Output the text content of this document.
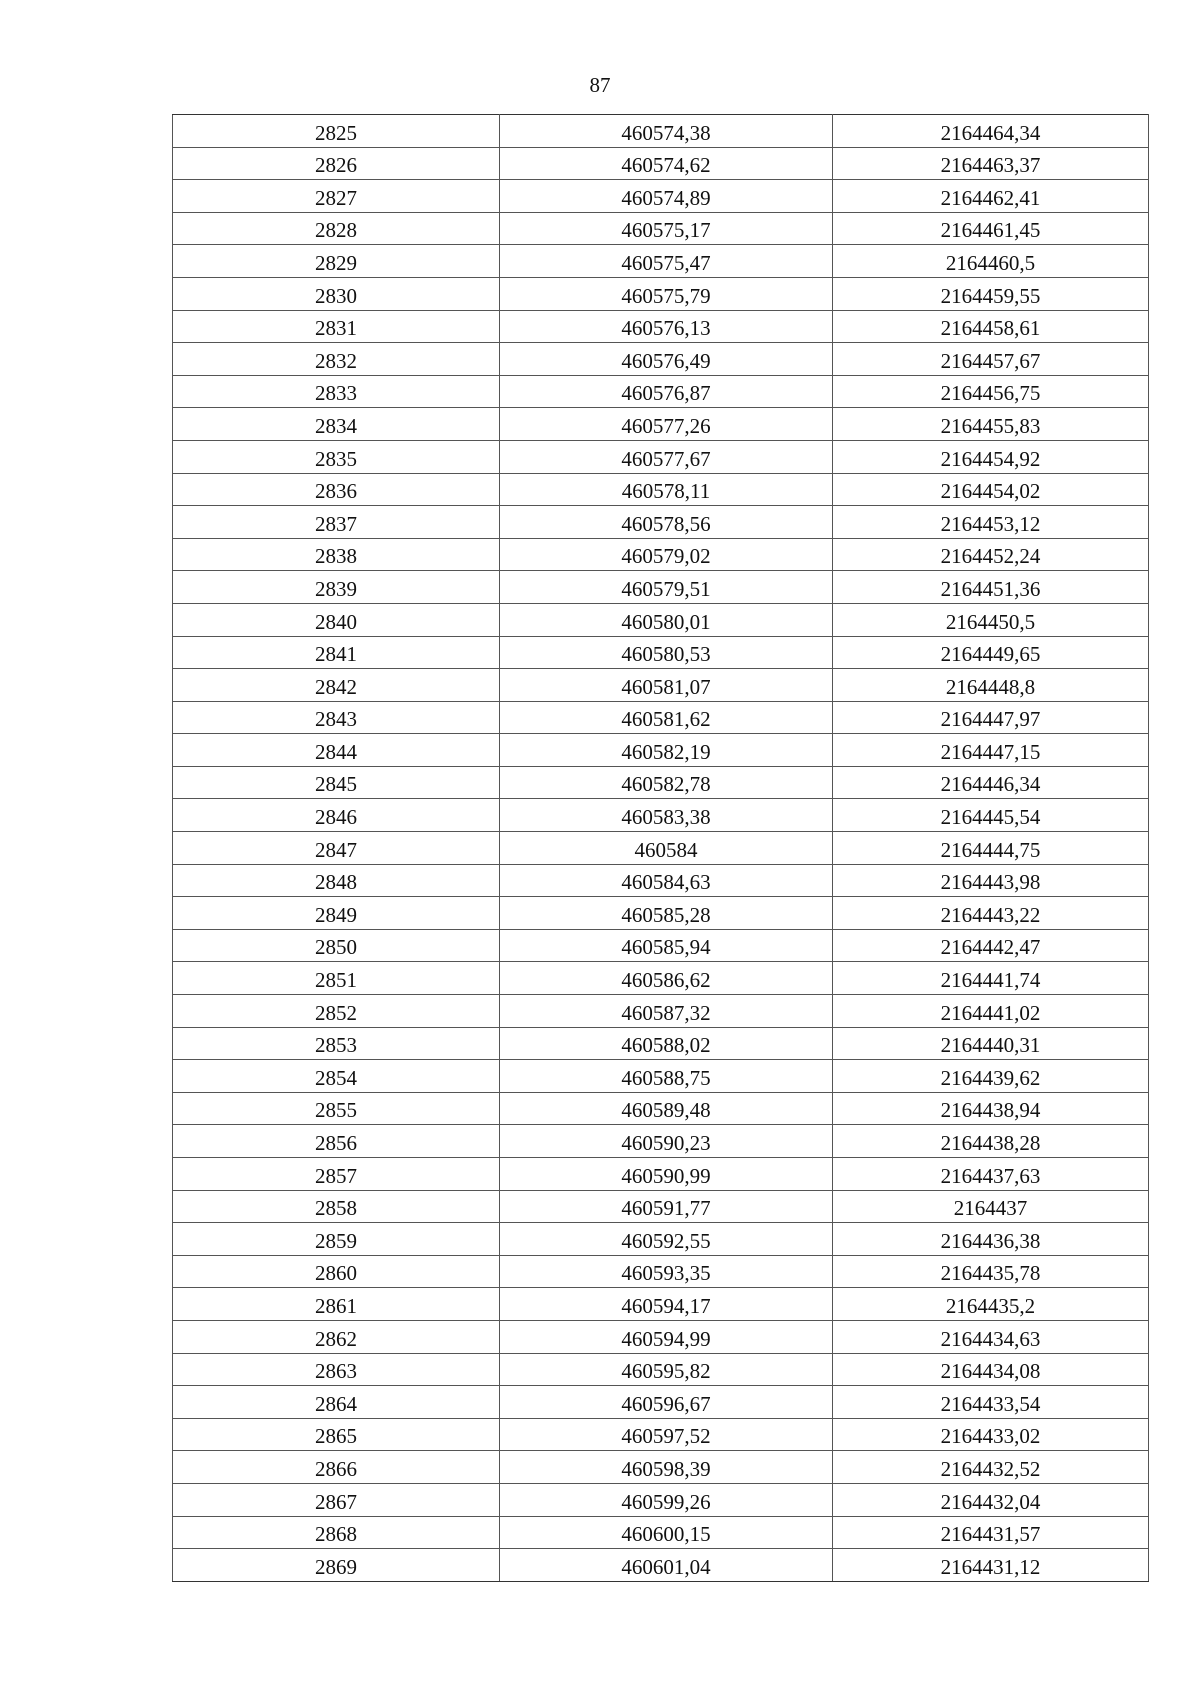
87
2825	460574,38	2164464,34
2826	460574,62	2164463,37
2827	460574,89	2164462,41
2828	460575,17	2164461,45
2829	460575,47	2164460,5
2830	460575,79	2164459,55
2831	460576,13	2164458,61
2832	460576,49	2164457,67
2833	460576,87	2164456,75
2834	460577,26	2164455,83
2835	460577,67	2164454,92
2836	460578,11	2164454,02
2837	460578,56	2164453,12
2838	460579,02	2164452,24
2839	460579,51	2164451,36
2840	460580,01	2164450,5
2841	460580,53	2164449,65
2842	460581,07	2164448,8
2843	460581,62	2164447,97
2844	460582,19	2164447,15
2845	460582,78	2164446,34
2846	460583,38	2164445,54
2847	460584	2164444,75
2848	460584,63	2164443,98
2849	460585,28	2164443,22
2850	460585,94	2164442,47
2851	460586,62	2164441,74
2852	460587,32	2164441,02
2853	460588,02	2164440,31
2854	460588,75	2164439,62
2855	460589,48	2164438,94
2856	460590,23	2164438,28
2857	460590,99	2164437,63
2858	460591,77	2164437
2859	460592,55	2164436,38
2860	460593,35	2164435,78
2861	460594,17	2164435,2
2862	460594,99	2164434,63
2863	460595,82	2164434,08
2864	460596,67	2164433,54
2865	460597,52	2164433,02
2866	460598,39	2164432,52
2867	460599,26	2164432,04
2868	460600,15	2164431,57
2869	460601,04	2164431,12
